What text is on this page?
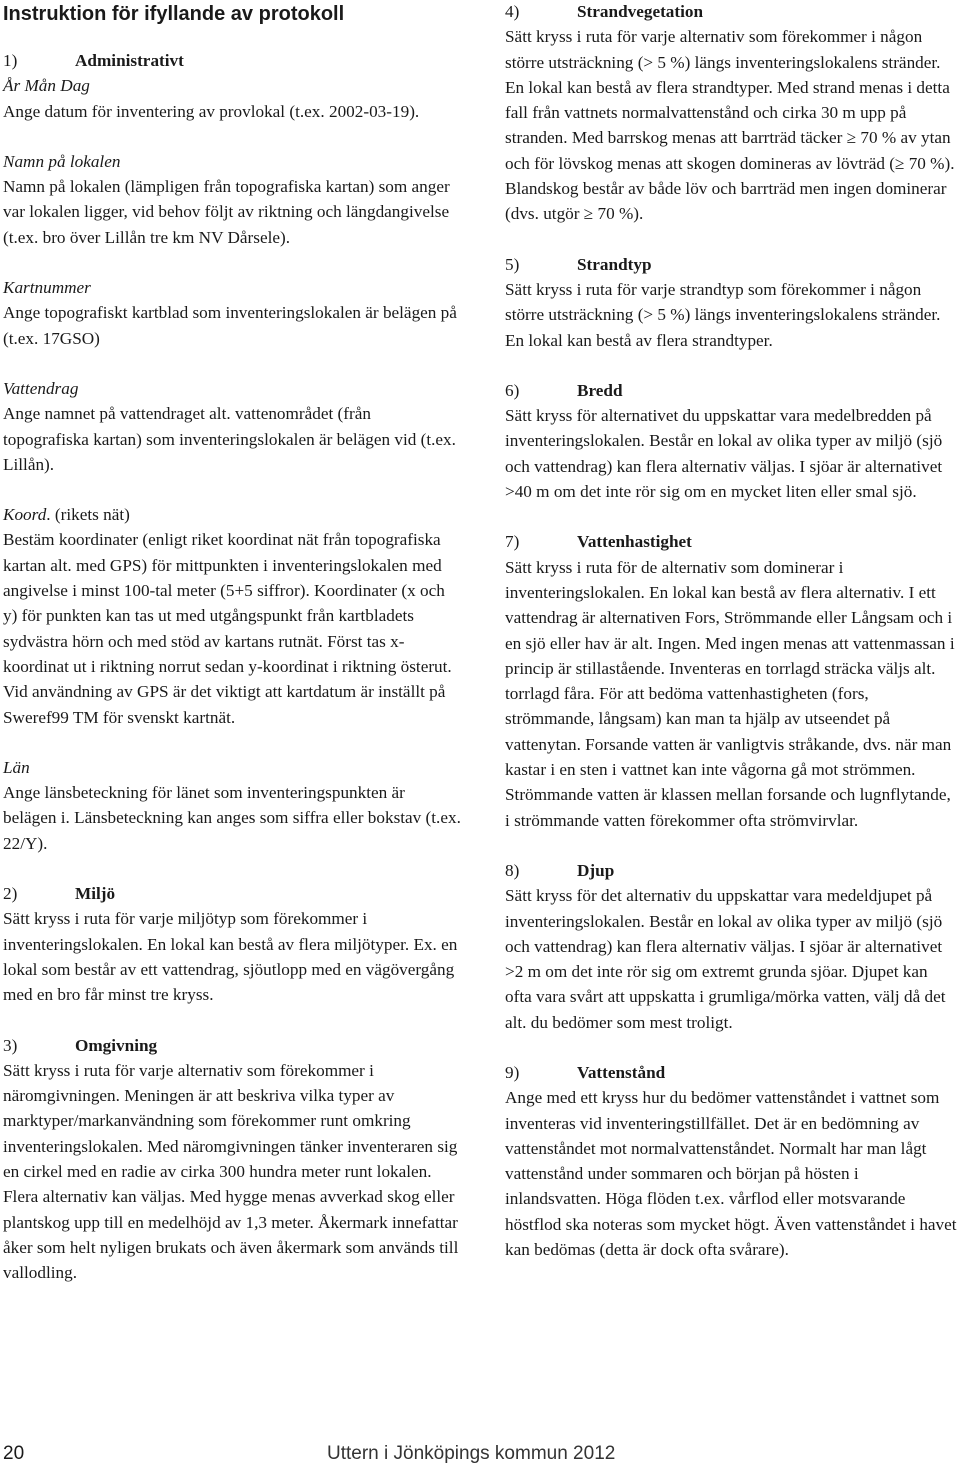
Instruktion för ifyllande av protokoll
1)	Administrativt
År Mån Dag

Ange datum för inventering av provlokal (t.ex. 2002-03-19).

Namn på lokalen

Namn på lokalen (lämpligen från topografiska kartan) som anger var lokalen ligger, vid behov följt av riktning och längdangivelse (t.ex. bro över Lillån tre km NV Dårsele).

Kartnummer

Ange topografiskt kartblad som inventeringslokalen är belägen på (t.ex. 17GSO)

Vattendrag

Ange namnet på vattendraget alt. vattenområdet (från topografiska kartan) som inventeringslokalen är belägen vid (t.ex. Lillån).

Koord. (rikets nät)

Bestäm koordinater (enligt riket koordinat nät från topografiska kartan alt. med GPS) för mittpunkten i inventeringslokalen med angivelse i minst 100-tal meter (5+5 siffror). Koordinater (x och y) för punkten kan tas ut med utgångspunkt från kartbladets sydvästra hörn och med stöd av kartans rutnät. Först tas x-koordinat ut i riktning norrut sedan y-koordinat i riktning österut. Vid användning av GPS är det viktigt att kartdatum är inställt på Sweref99 TM för svenskt kartnät.

Län

Ange länsbeteckning för länet som inventeringspunkten är belägen i. Länsbeteckning kan anges som siffra eller bokstav (t.ex. 22/Y).

2)	Miljö

Sätt kryss i ruta för varje miljötyp som förekommer i inventeringslokalen. En lokal kan bestå av flera miljötyper. Ex. en lokal som består av ett vattendrag, sjöutlopp med en vägövergång med en bro får minst tre kryss.

3)	Omgivning

Sätt kryss i ruta för varje alternativ som förekommer i näromgivningen. Meningen är att beskriva vilka typer av marktyper/markanvändning som förekommer runt omkring inventeringslokalen. Med näromgivningen tänker inventeraren sig en cirkel med en radie av cirka 300 hundra meter runt lokalen. Flera alternativ kan väljas. Med hygge menas avverkad skog eller plantskog upp till en medelhöjd av 1,3 meter. Åkermark innefattar åker som helt nyligen brukats och även åkermark som används till vallodling.

4)	Strandvegetation

Sätt kryss i ruta för varje alternativ som förekommer i någon större utsträckning (> 5 %) längs inventeringslokalens stränder. En lokal kan bestå av flera strandtyper. Med strand menas i detta fall från vattnets normalvattenstånd och cirka 30 m upp på stranden. Med barrskog menas att barrträd täcker ≥ 70 % av ytan och för lövskog menas att skogen domineras av lövträd (≥ 70 %). Blandskog består av både löv och barrträd men ingen dominerar (dvs. utgör ≥ 70 %).

5)	Strandtyp

Sätt kryss i ruta för varje strandtyp som förekommer i någon större utsträckning (> 5 %) längs inventeringslokalens stränder. En lokal kan bestå av flera strandtyper.

6)	Bredd

Sätt kryss för alternativet du uppskattar vara medelbredden på inventeringslokalen. Består en lokal av olika typer av miljö (sjö och vattendrag) kan flera alternativ väljas. I sjöar är alternativet >40 m om det inte rör sig om en mycket liten eller smal sjö.

7)	Vattenhastighet

Sätt kryss i ruta för de alternativ som dominerar i inventeringslokalen. En lokal kan bestå av flera alternativ. I ett vattendrag är alternativen Fors, Strömmande eller Långsam och i en sjö eller hav är alt. Ingen. Med ingen menas att vattenmassan i princip är stillastående. Inventeras en torrlagd sträcka väljs alt. torrlagd fåra. För att bedöma vattenhastigheten (fors, strömmande, långsam) kan man ta hjälp av utseendet på vattenytan. Forsande vatten är vanligtvis stråkande, dvs. när man kastar i en sten i vattnet kan inte vågorna gå mot strömmen. Strömmande vatten är klassen mellan forsande och lugnflytande, i strömmande vatten förekommer ofta strömvirvlar.

8)	Djup

Sätt kryss för det alternativ du uppskattar vara medeldjupet på inventeringslokalen. Består en lokal av olika typer av miljö (sjö och vattendrag) kan flera alternativ väljas. I sjöar är alternativet >2 m om det inte rör sig om extremt grunda sjöar. Djupet kan ofta vara svårt att uppskatta i grumliga/mörka vatten, välj då det alt. du bedömer som mest troligt.

9)	Vattenstånd

Ange med ett kryss hur du bedömer vattenståndet i vattnet som inventeras vid inventeringstillfället. Det är en bedömning av vattenståndet mot normalvattenståndet. Normalt har man lågt vattenstånd under sommaren och början på hösten i inlandsvatten. Höga flöden t.ex. vårflod eller motsvarande höstflod ska noteras som mycket högt. Även vattenståndet i havet kan bedömas (detta är dock ofta svårare).

20	Uttern i Jönköpings kommun 2012
